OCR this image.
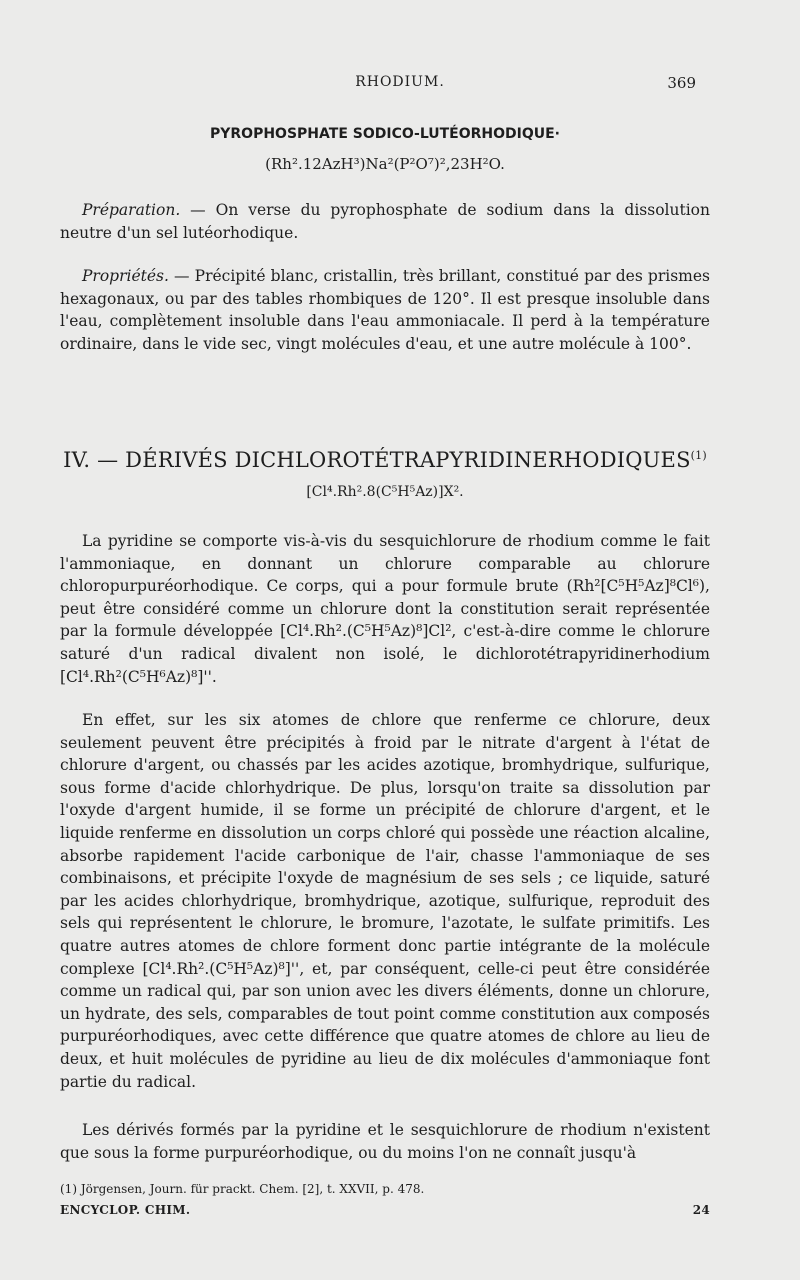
RHODIUM.	369
PYROPHOSPHATE SODICO-LUTÉORHODIQUE·
(Rh².12AzH³)Na²(P²O⁷)²,23H²O.

Préparation. — On verse du pyrophosphate de sodium dans la dissolution neutre d'un sel lutéorhodique.

Propriétés. — Précipité blanc, cristallin, très brillant, constitué par des prismes hexagonaux, ou par des tables rhombiques de 120°. Il est presque insoluble dans l'eau, complètement insoluble dans l'eau ammoniacale. Il perd à la température ordinaire, dans le vide sec, vingt molécules d'eau, et une autre molécule à 100°.

IV. — DÉRIVÉS DICHLOROTÉTRAPYRIDINERHODIQUES$^{(1)}$
[Cl⁴.Rh².8(C⁵H⁵Az)]X².

La pyridine se comporte vis-à-vis du sesquichlorure de rhodium comme le fait l'ammoniaque, en donnant un chlorure comparable au chlorure chloropurpuréorhodique. Ce corps, qui a pour formule brute (Rh²[C⁵H⁵Az]⁸Cl⁶), peut être considéré comme un chlorure dont la constitution serait représentée par la formule développée [Cl⁴.Rh².(C⁵H⁵Az)⁸]Cl², c'est-à-dire comme le chlorure saturé d'un radical divalent non isolé, le dichlorotétrapyridinerhodium [Cl⁴.Rh²(C⁵H⁶Az)⁸]''.

En effet, sur les six atomes de chlore que renferme ce chlorure, deux seulement peuvent être précipités à froid par le nitrate d'argent à l'état de chlorure d'argent, ou chassés par les acides azotique, bromhydrique, sulfurique, sous forme d'acide chlorhydrique. De plus, lorsqu'on traite sa dissolution par l'oxyde d'argent humide, il se forme un précipité de chlorure d'argent, et le liquide renferme en dissolution un corps chloré qui possède une réaction alcaline, absorbe rapidement l'acide carbonique de l'air, chasse l'ammoniaque de ses combinaisons, et précipite l'oxyde de magnésium de ses sels ; ce liquide, saturé par les acides chlorhydrique, bromhydrique, azotique, sulfurique, reproduit des sels qui représentent le chlorure, le bromure, l'azotate, le sulfate primitifs. Les quatre autres atomes de chlore forment donc partie intégrante de la molécule complexe [Cl⁴.Rh².(C⁵H⁵Az)⁸]'', et, par conséquent, celle-ci peut être considérée comme un radical qui, par son union avec les divers éléments, donne un chlorure, un hydrate, des sels, comparables de tout point comme constitution aux composés purpuréorhodiques, avec cette différence que quatre atomes de chlore au lieu de deux, et huit molécules de pyridine au lieu de dix molécules d'ammoniaque font partie du radical.

Les dérivés formés par la pyridine et le sesquichlorure de rhodium n'existent que sous la forme purpuréorhodique, ou du moins l'on ne connaît jusqu'à

(1) Jörgensen, Journ. für prackt. Chem. [2], t. XXVII, p. 478.
ENCYCLOP. CHIM.	24
